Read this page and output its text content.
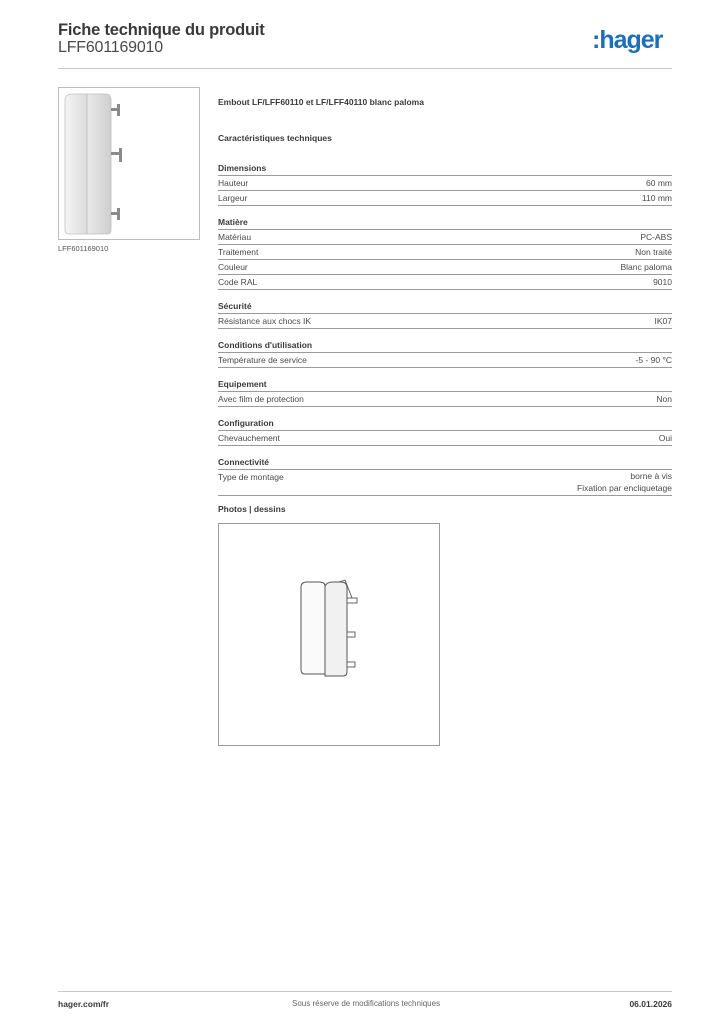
Fiche technique du produit
LFF601169010	:hager
LFF601169010
Embout LF/LFF60110 et LF/LFF40110 blanc paloma
Caractéristiques techniques
Dimensions
Hauteur	60 mm
Largeur	110 mm
Matière
Matériau	PC-ABS
Traitement	Non traité
Couleur	Blanc paloma
Code RAL	9010
Sécurité
Résistance aux chocs IK	IK07
Conditions d'utilisation
Température de service	-5 - 90 °C
Equipement
Avec film de protection	Non
Configuration
Chevauchement	Oui
Connectivité
Type de montage	borne à vis
Fixation par encliquetage
Photos | dessins
hager.com/fr	Sous réserve de modifications techniques	06.01.2026
